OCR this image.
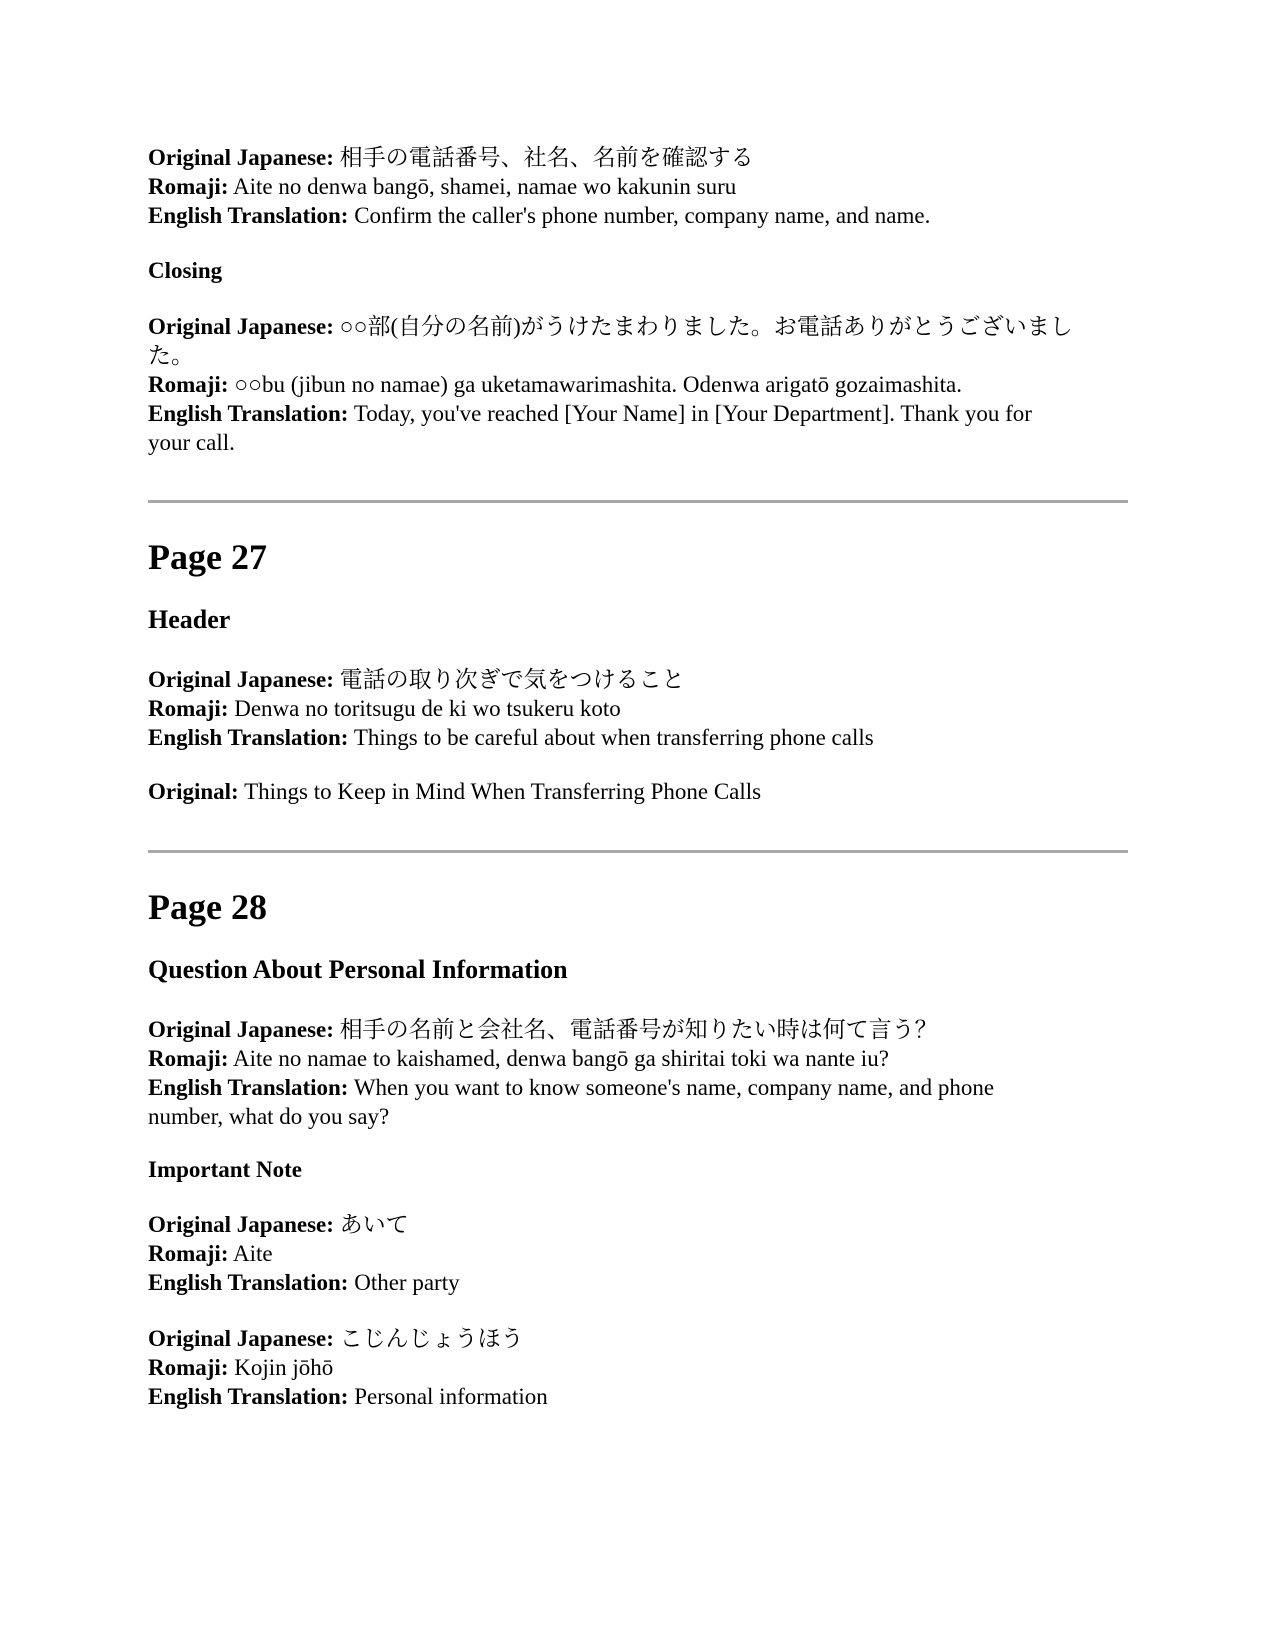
Original Japanese: 相手の電話番号、社名、名前を確認する
Romaji: Aite no denwa bangō, shamei, namae wo kakunin suru
English Translation: Confirm the caller's phone number, company name, and name.
Closing
Original Japanese: ○○部(自分の名前)がうけたまわりました。お電話ありがとうございました。
Romaji: ○○bu (jibun no namae) ga uketamawarimashita. Odenwa arigatō gozaimashita.
English Translation: Today, you've reached [Your Name] in [Your Department]. Thank you for your call.
Page 27
Header
Original Japanese: 電話の取り次ぎで気をつけること
Romaji: Denwa no toritsugu de ki wo tsukeru koto
English Translation: Things to be careful about when transferring phone calls
Original: Things to Keep in Mind When Transferring Phone Calls
Page 28
Question About Personal Information
Original Japanese: 相手の名前と会社名、電話番号が知りたい時は何て言う？
Romaji: Aite no namae to kaishamed, denwa bangō ga shiritai toki wa nante iu?
English Translation: When you want to know someone's name, company name, and phone number, what do you say?
Important Note
Original Japanese: あいて
Romaji: Aite
English Translation: Other party
Original Japanese: こじんじょうほう
Romaji: Kojin jōhō
English Translation: Personal information
